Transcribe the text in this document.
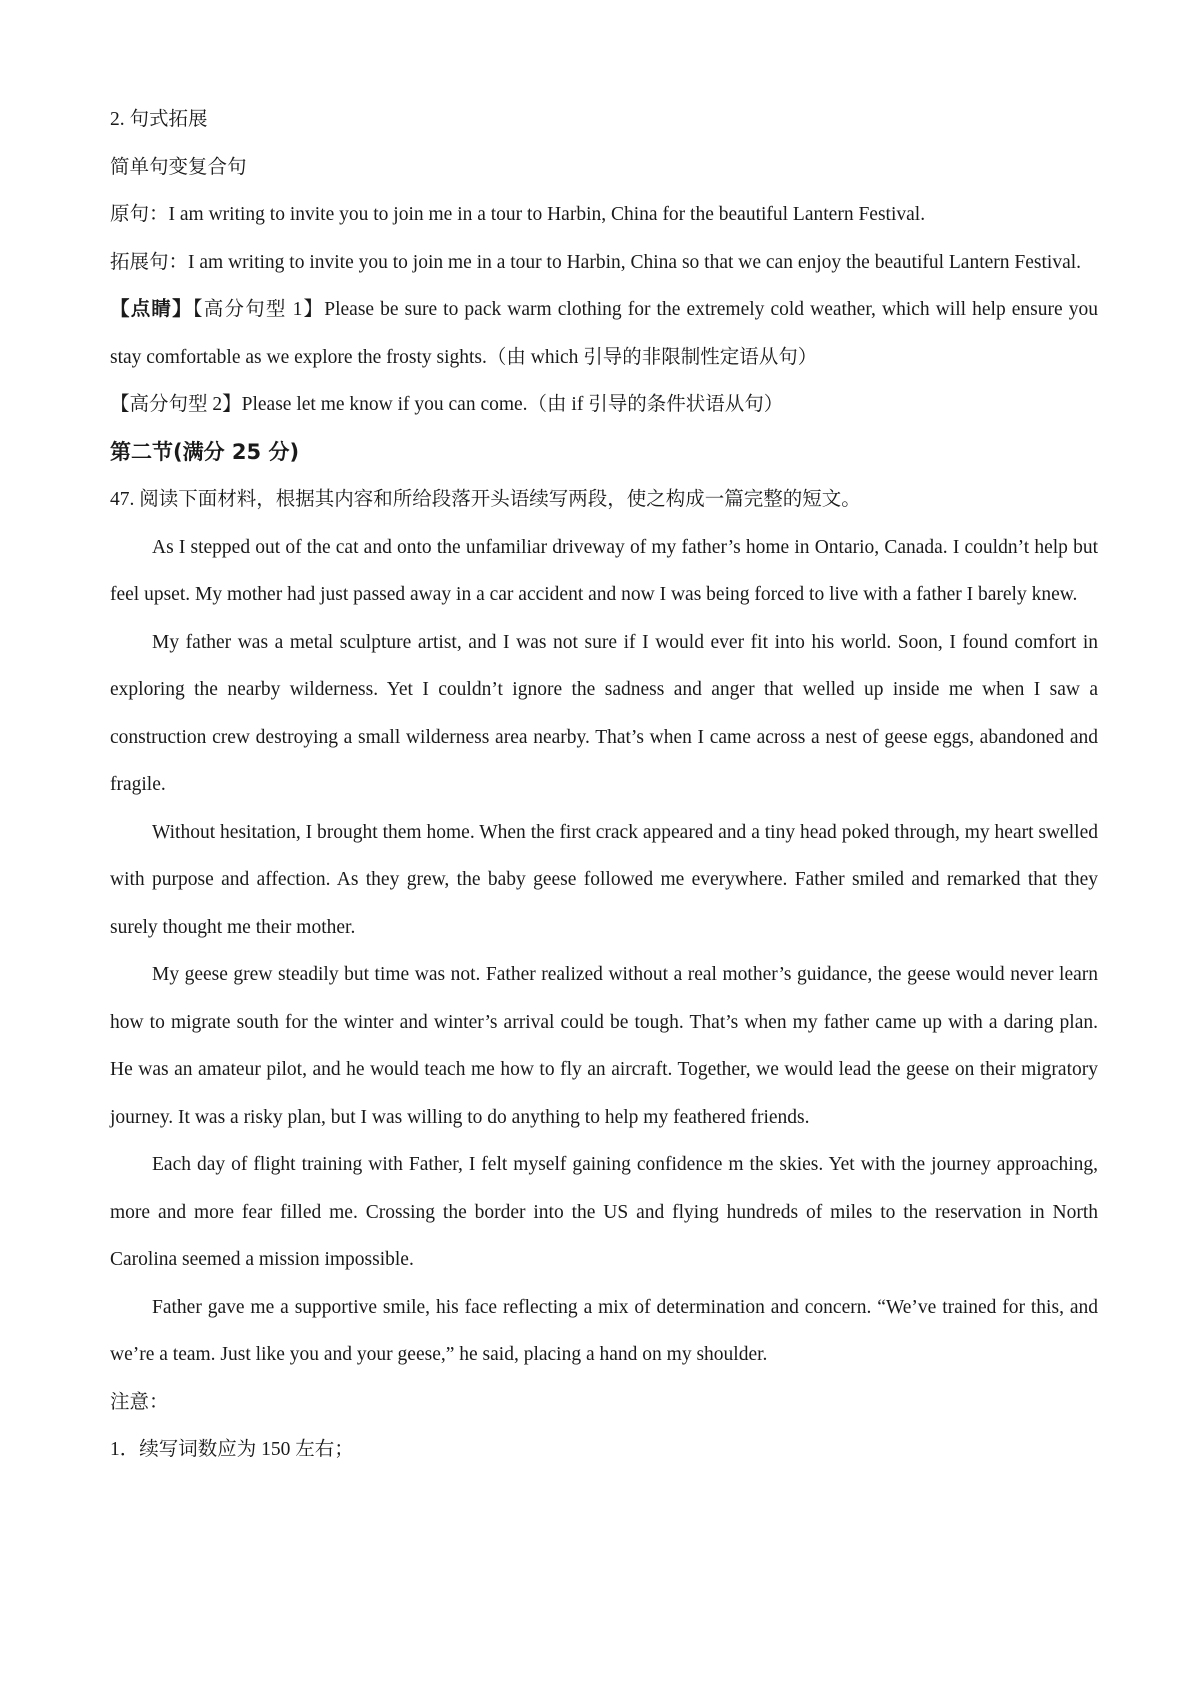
2. 句式拓展

简单句变复合句

原句：I am writing to invite you to join me in a tour to Harbin, China for the beautiful Lantern Festival.

拓展句：I am writing to invite you to join me in a tour to Harbin, China so that we can enjoy the beautiful Lantern Festival.

【点睛】【高分句型 1】Please be sure to pack warm clothing for the extremely cold weather, which will help ensure you stay comfortable as we explore the frosty sights.（由 which 引导的非限制性定语从句）

【高分句型 2】Please let me know if you can come.（由 if 引导的条件状语从句）

第二节(满分 25 分)

47. 阅读下面材料，根据其内容和所给段落开头语续写两段，使之构成一篇完整的短文。

As I stepped out of the cat and onto the unfamiliar driveway of my father’s home in Ontario, Canada. I couldn’t help but feel upset. My mother had just passed away in a car accident and now I was being forced to live with a father I barely knew.

My father was a metal sculpture artist, and I was not sure if I would ever fit into his world. Soon, I found comfort in exploring the nearby wilderness. Yet I couldn’t ignore the sadness and anger that welled up inside me when I saw a construction crew destroying a small wilderness area nearby. That’s when I came across a nest of geese eggs, abandoned and fragile.

Without hesitation, I brought them home. When the first crack appeared and a tiny head poked through, my heart swelled with purpose and affection. As they grew, the baby geese followed me everywhere. Father smiled and remarked that they surely thought me their mother.

My geese grew steadily but time was not. Father realized without a real mother’s guidance, the geese would never learn how to migrate south for the winter and winter’s arrival could be tough. That’s when my father came up with a daring plan. He was an amateur pilot, and he would teach me how to fly an aircraft. Together, we would lead the geese on their migratory journey. It was a risky plan, but I was willing to do anything to help my feathered friends.

Each day of flight training with Father, I felt myself gaining confidence m the skies. Yet with the journey approaching, more and more fear filled me. Crossing the border into the US and flying hundreds of miles to the reservation in North Carolina seemed a mission impossible.

Father gave me a supportive smile, his face reflecting a mix of determination and concern. “We’ve trained for this, and we’re a team. Just like you and your geese,” he said, placing a hand on my shoulder.

注意：

1．续写词数应为 150 左右；
